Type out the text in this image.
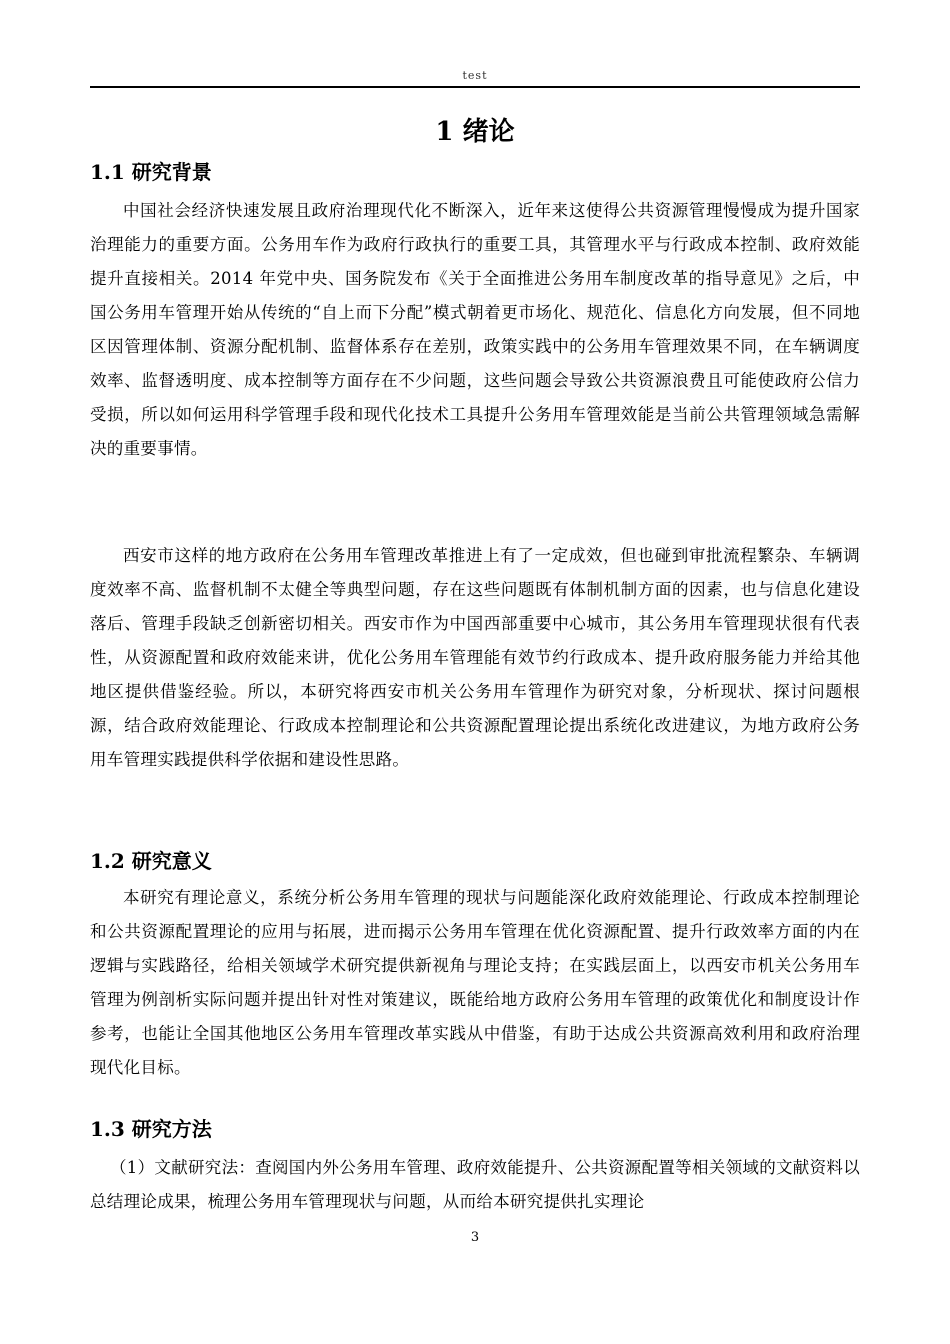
test
1 绪论
1.1 研究背景

中国社会经济快速发展且政府治理现代化不断深入，近年来这使得公共资源管理慢慢成为提升国家治理能力的重要方面。公务用车作为政府行政执行的重要工具，其管理水平与行政成本控制、政府效能提升直接相关。2014 年党中央、国务院发布《关于全面推进公务用车制度改革的指导意见》之后，中国公务用车管理开始从传统的“自上而下分配”模式朝着更市场化、规范化、信息化方向发展，但不同地区因管理体制、资源分配机制、监督体系存在差别，政策实践中的公务用车管理效果不同，在车辆调度效率、监督透明度、成本控制等方面存在不少问题，这些问题会导致公共资源浪费且可能使政府公信力受损，所以如何运用科学管理手段和现代化技术工具提升公务用车管理效能是当前公共管理领域急需解决的重要事情。

西安市这样的地方政府在公务用车管理改革推进上有了一定成效，但也碰到审批流程繁杂、车辆调度效率不高、监督机制不太健全等典型问题，存在这些问题既有体制机制方面的因素，也与信息化建设落后、管理手段缺乏创新密切相关。西安市作为中国西部重要中心城市，其公务用车管理现状很有代表性，从资源配置和政府效能来讲，优化公务用车管理能有效节约行政成本、提升政府服务能力并给其他地区提供借鉴经验。所以，本研究将西安市机关公务用车管理作为研究对象，分析现状、探讨问题根源，结合政府效能理论、行政成本控制理论和公共资源配置理论提出系统化改进建议，为地方政府公务用车管理实践提供科学依据和建设性思路。

1.2 研究意义

本研究有理论意义，系统分析公务用车管理的现状与问题能深化政府效能理论、行政成本控制理论和公共资源配置理论的应用与拓展，进而揭示公务用车管理在优化资源配置、提升行政效率方面的内在逻辑与实践路径，给相关领域学术研究提供新视角与理论支持；在实践层面上，以西安市机关公务用车管理为例剖析实际问题并提出针对性对策建议，既能给地方政府公务用车管理的政策优化和制度设计作参考，也能让全国其他地区公务用车管理改革实践从中借鉴，有助于达成公共资源高效利用和政府治理现代化目标。

1.3 研究方法

（1）文献研究法：查阅国内外公务用车管理、政府效能提升、公共资源配置等相关领域的文献资料以总结理论成果，梳理公务用车管理现状与问题，从而给本研究提供扎实理论

3
